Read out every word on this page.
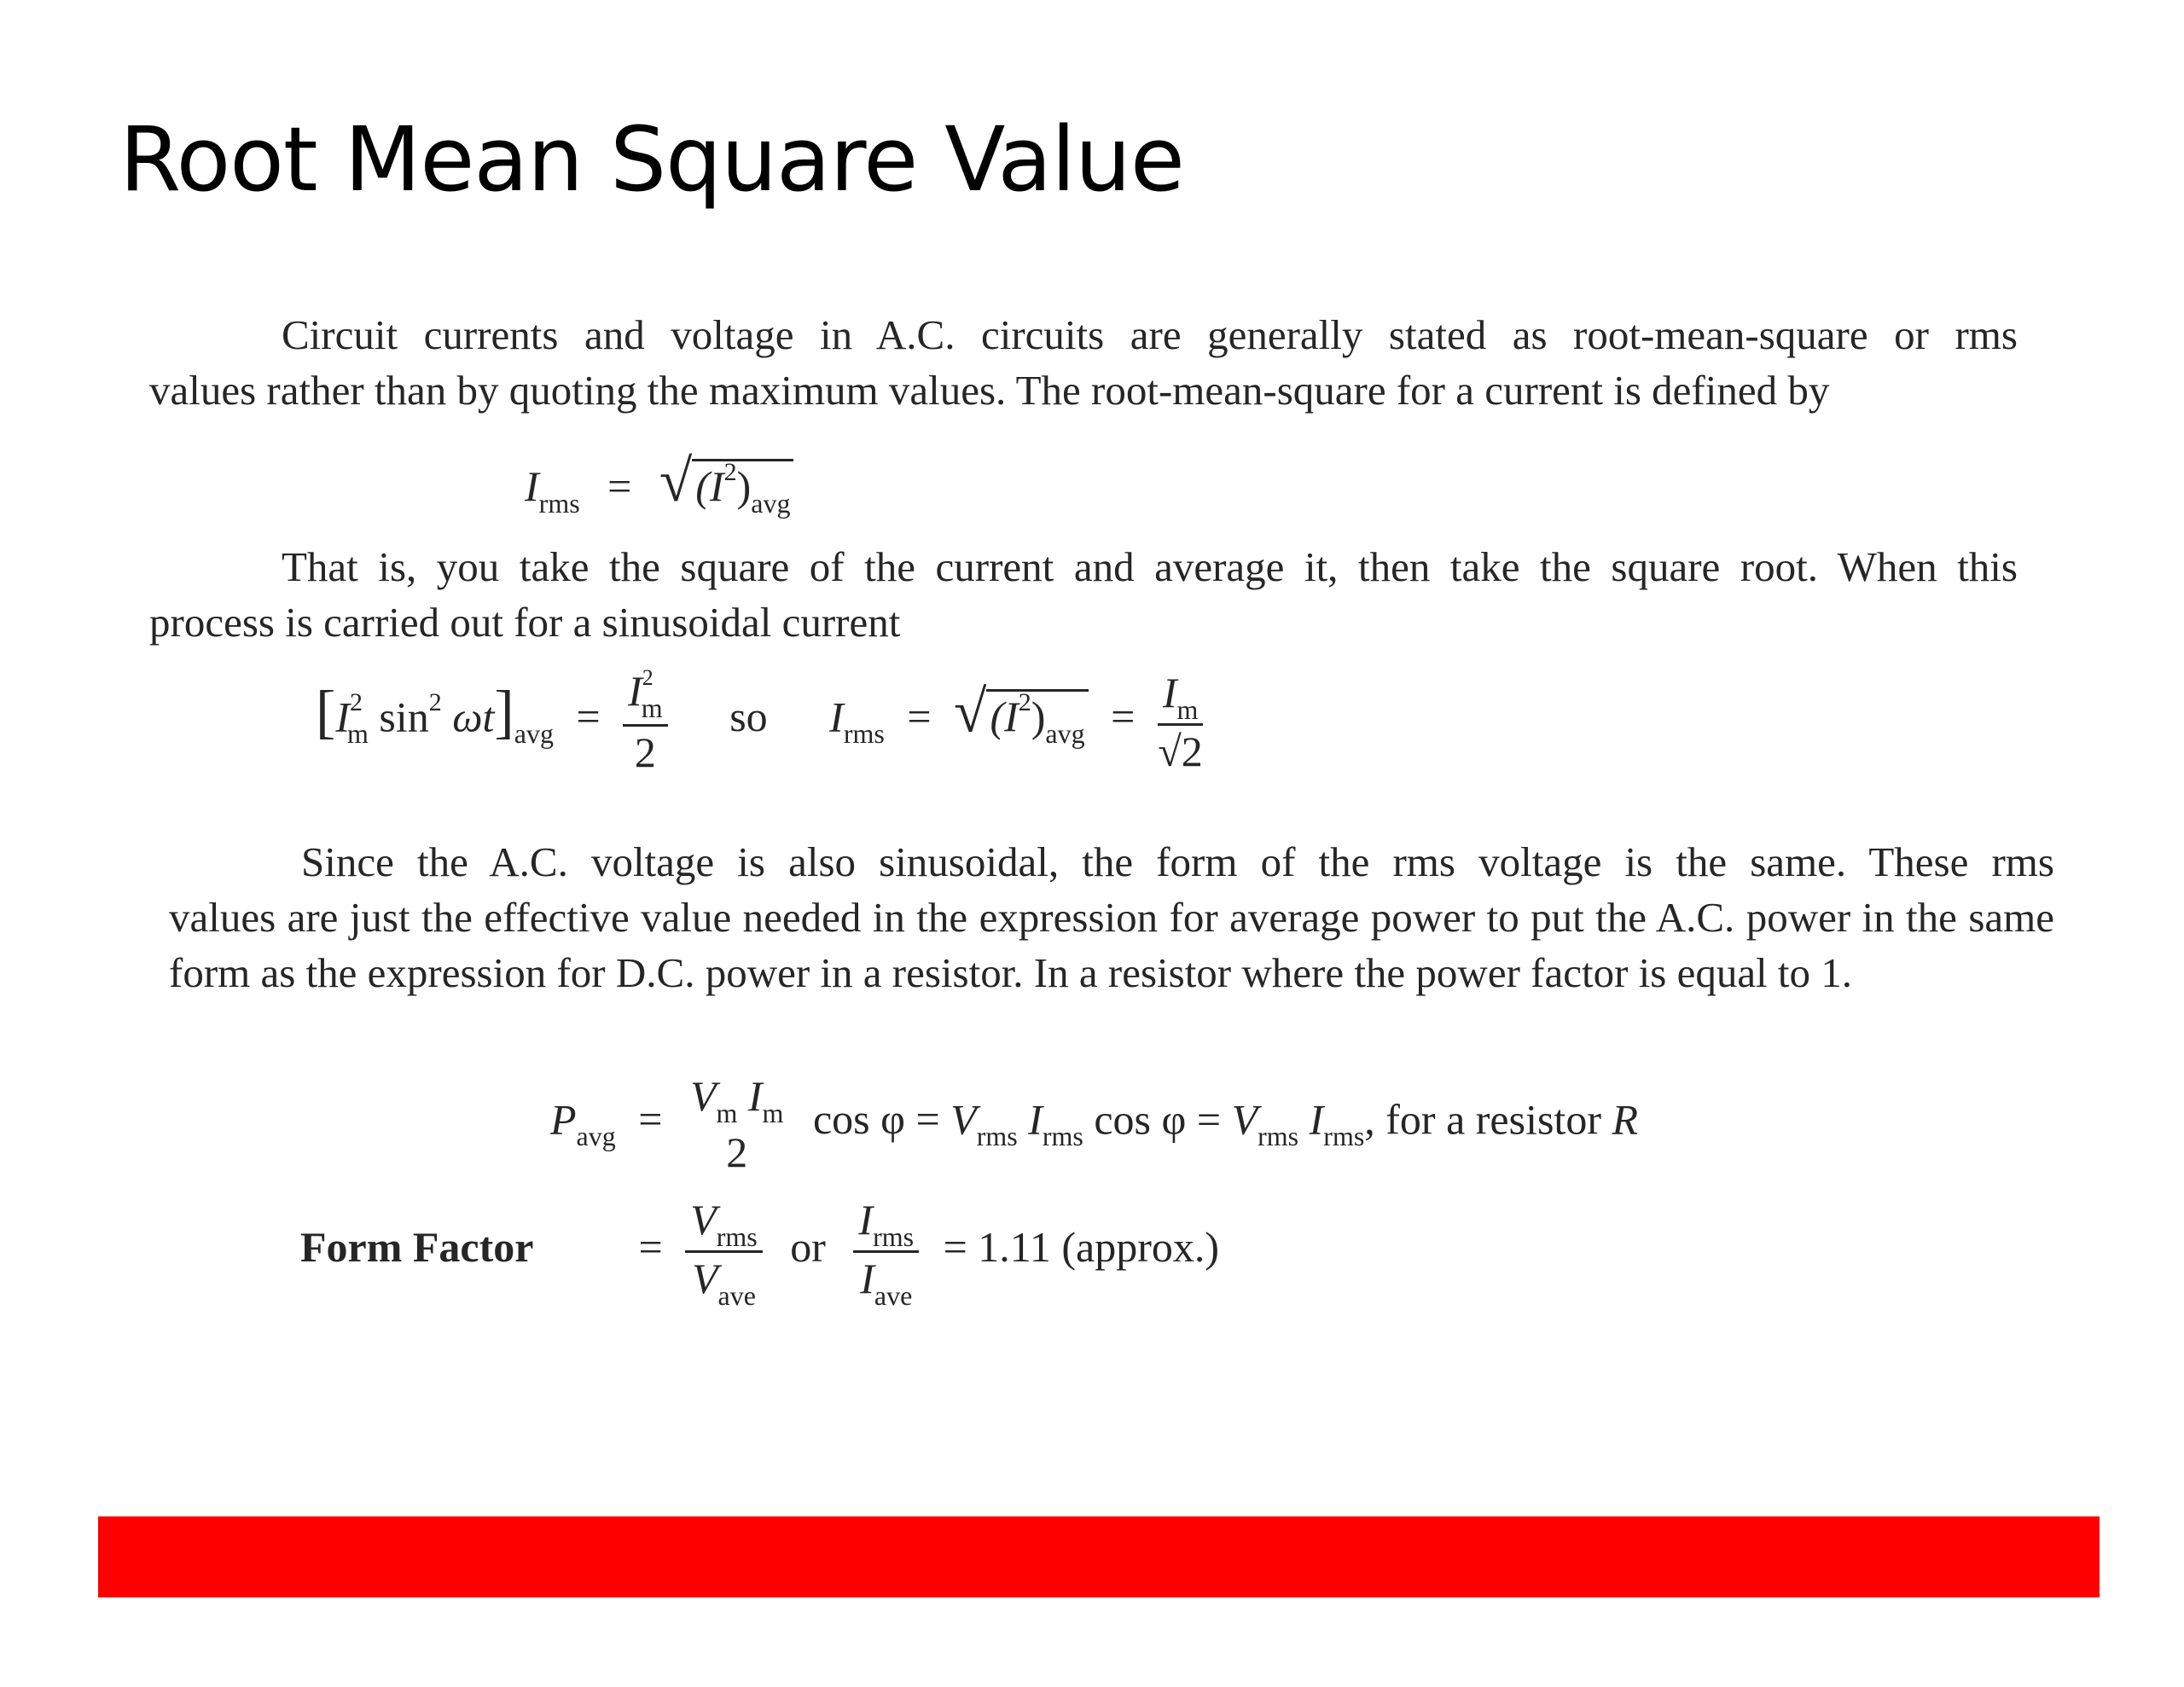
Root Mean Square Value
Circuit currents and voltage in A.C. circuits are generally stated as root-mean-square or rms
values rather than by quoting the maximum values. The root-mean-square for a current is defined by
$I_{rms} = √(I^2)_{avg}$
That is, you take the square of the current and average it, then take the square root. When this
process is carried out for a sinusoidal current
[$I^2_m$ $\sin^2 \omega t]_{avg} = \frac{I^2_m}{2}$ so $I_{rms} = √(I^2)_{avg} = \frac{I_m}{√2}$
Since the A.C. voltage is also sinusoidal, the form of the rms voltage is the same. These rms
values are just the effective value needed in the expression for average power to put the A.C. power in the same form as the expression for D.C. power in a resistor. In a resistor where the power factor is equal to 1.
$P_{avg} = V_m$ $I_m$
2
$\cos \varphi = V_{rms}$ $I_{rms}$ $\cos \varphi = V_{rms}$ $I_{rms}$, for a resistor R
Form Factor = $\frac{V_{rms}}{V_{ave}}$ or $\frac{I_{rms}}{I_{ave}} = 1.11$ (approx.)
